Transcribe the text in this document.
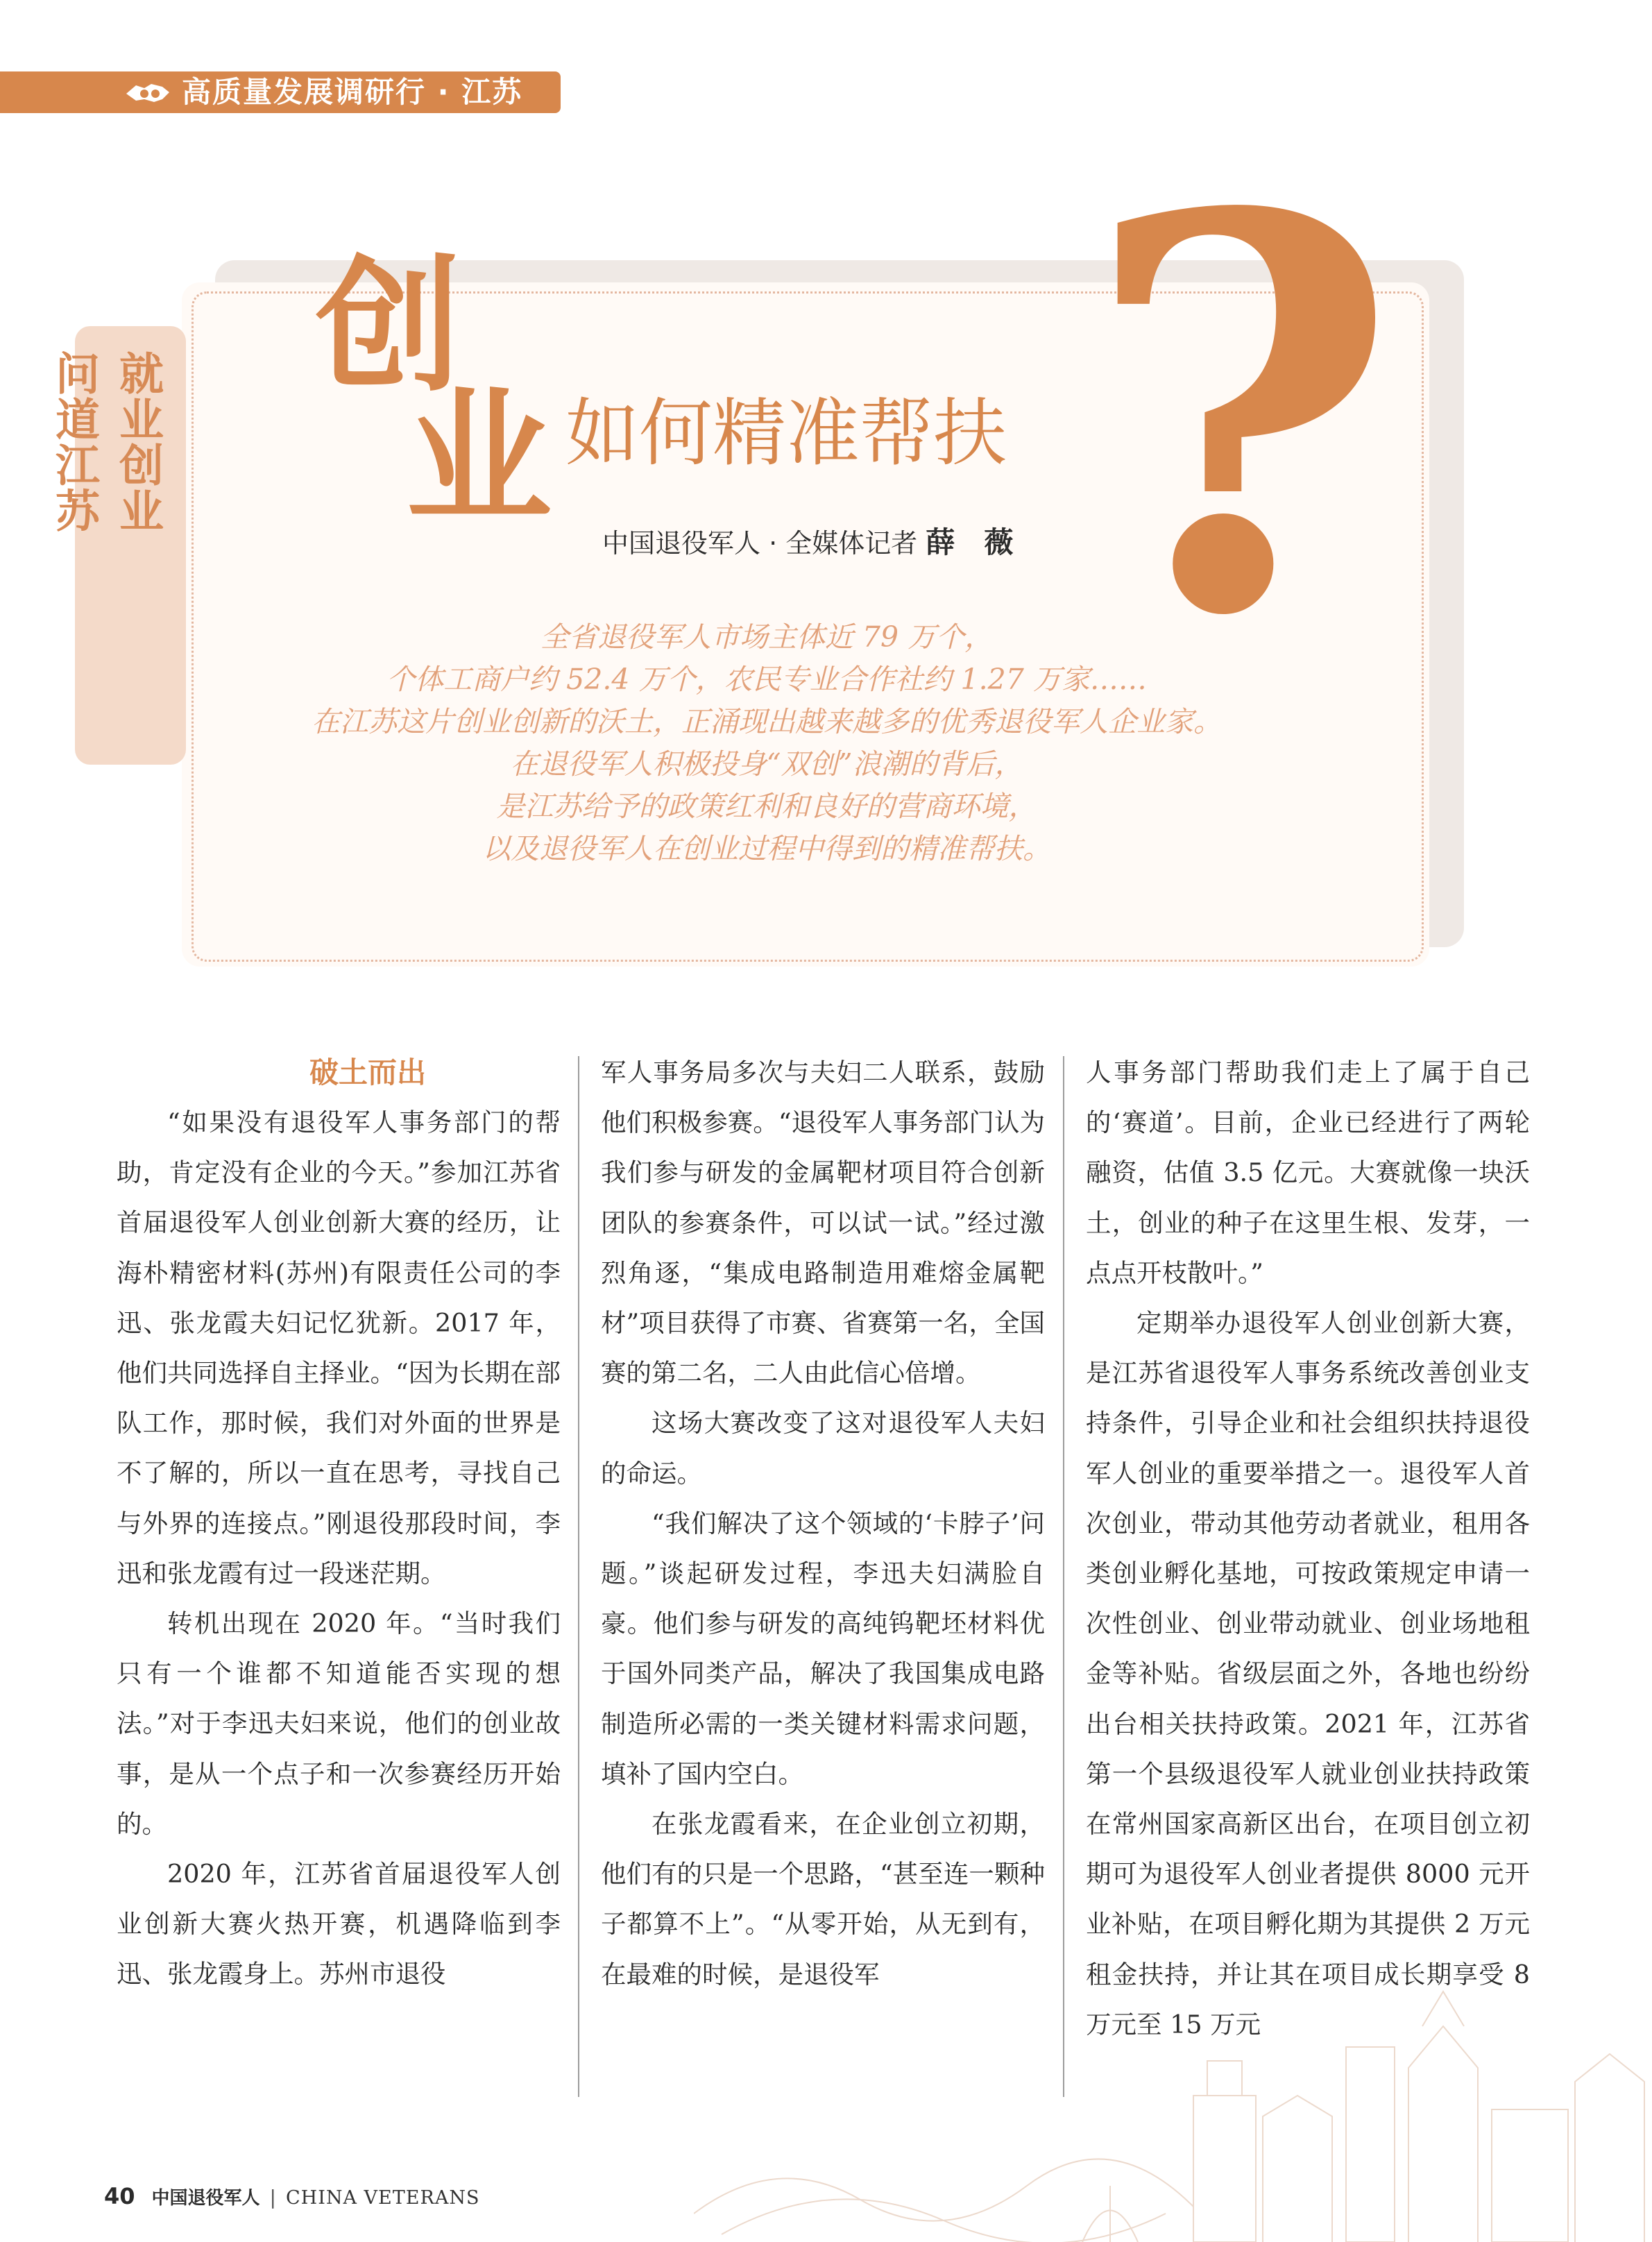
高质量发展调研行 · 江苏
就业创业
问道江苏 ?
创
业 如何精准帮扶
中国退役军人 · 全媒体记者 薛　薇
全省退役军人市场主体近 79 万个，
个体工商户约 52.4 万个，农民专业合作社约 1.27 万家……
在江苏这片创业创新的沃土，正涌现出越来越多的优秀退役军人企业家。
在退役军人积极投身“双创”浪潮的背后，
是江苏给予的政策红利和良好的营商环境，
以及退役军人在创业过程中得到的精准帮扶。

破土而出

“如果没有退役军人事务部门的帮助，肯定没有企业的今天。”参加江苏省首届退役军人创业创新大赛的经历，让海朴精密材料(苏州)有限责任公司的李迅、张龙霞夫妇记忆犹新。2017 年，他们共同选择自主择业。“因为长期在部队工作，那时候，我们对外面的世界是不了解的，所以一直在思考，寻找自己与外界的连接点。”刚退役那段时间，李迅和张龙霞有过一段迷茫期。

转机出现在 2020 年。“当时我们只有一个谁都不知道能否实现的想法。”对于李迅夫妇来说，他们的创业故事，是从一个点子和一次参赛经历开始的。

2020 年，江苏省首届退役军人创业创新大赛火热开赛，机遇降临到李迅、张龙霞身上。苏州市退役

军人事务局多次与夫妇二人联系，鼓励他们积极参赛。“退役军人事务部门认为我们参与研发的金属靶材项目符合创新团队的参赛条件，可以试一试。”经过激烈角逐，“集成电路制造用难熔金属靶材”项目获得了市赛、省赛第一名，全国赛的第二名，二人由此信心倍增。

这场大赛改变了这对退役军人夫妇的命运。

“我们解决了这个领域的‘卡脖子’问题。”谈起研发过程，李迅夫妇满脸自豪。他们参与研发的高纯钨靶坯材料优于国外同类产品，解决了我国集成电路制造所必需的一类关键材料需求问题，填补了国内空白。

在张龙霞看来，在企业创立初期，他们有的只是一个思路，“甚至连一颗种子都算不上”。“从零开始，从无到有，在最难的时候，是退役军

人事务部门帮助我们走上了属于自己的‘赛道’。目前，企业已经进行了两轮融资，估值 3.5 亿元。大赛就像一块沃土，创业的种子在这里生根、发芽，一点点开枝散叶。”

定期举办退役军人创业创新大赛，是江苏省退役军人事务系统改善创业支持条件，引导企业和社会组织扶持退役军人创业的重要举措之一。退役军人首次创业，带动其他劳动者就业，租用各类创业孵化基地，可按政策规定申请一次性创业、创业带动就业、创业场地租金等补贴。省级层面之外，各地也纷纷出台相关扶持政策。2021 年，江苏省第一个县级退役军人就业创业扶持政策在常州国家高新区出台，在项目创立初期可为退役军人创业者提供 8000 元开业补贴，在项目孵化期为其提供 2 万元租金扶持，并让其在项目成长期享受 8 万元至 15 万元

40 中国退役军人 | CHINA VETERANS
